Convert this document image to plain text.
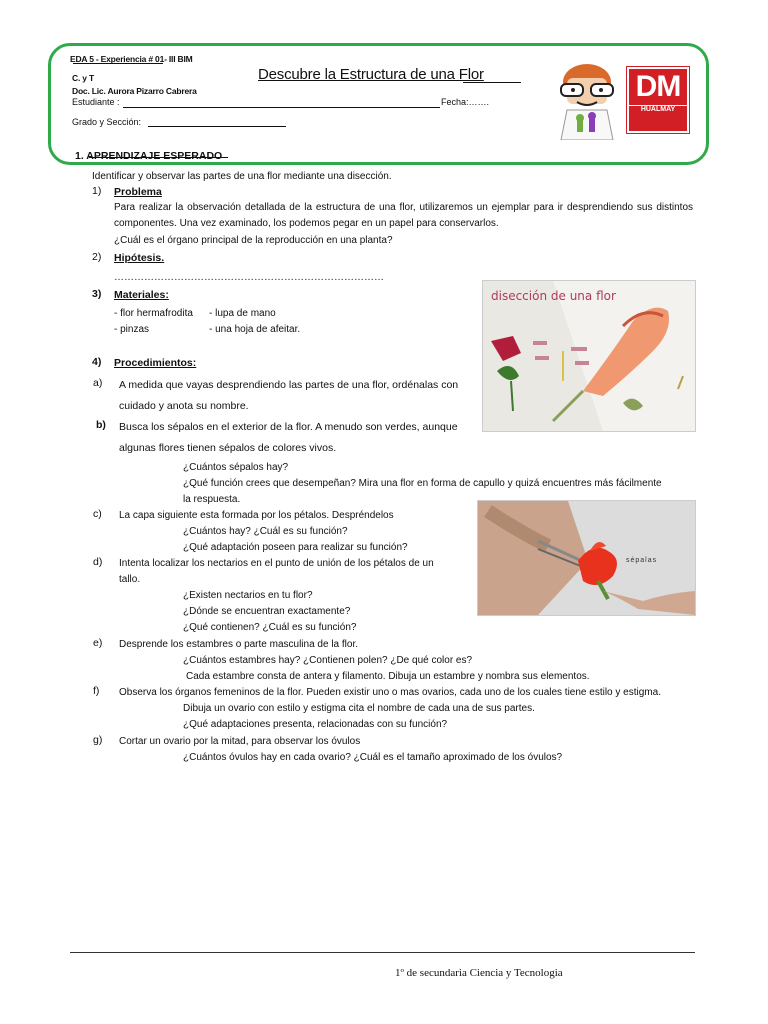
EDA 5 - Experiencia # 01- III BIM
C. y T
Doc. Lic. Aurora Pizarro Cabrera
Descubre la Estructura de una Flor
Estudiante :	Fecha:…….
Grado y Sección:
DM
HUALMAY
1. APRENDIZAJE ESPERADO
Identificar y observar las partes de una flor mediante una disección.
1) Problema
Para realizar la observación detallada de la estructura de una flor, utilizaremos un ejemplar para ir desprendiendo sus distintos componentes. Una vez examinado, los podemos pegar en un papel para conservarlos.
¿Cuál es el órgano principal de la reproducción en una planta?
2) Hipótesis.
………………………………………………………………………
3) Materiales:
- flor hermafrodita - lupa de mano
- pinzas	- una hoja de afeitar.
4) Procedimientos:
disección de una flor
a) A medida que vayas desprendiendo las partes de una flor, ordénalas con
cuidado y anota su nombre.
b) Busca los sépalos en el exterior de la flor. A menudo son verdes, aunque
algunas flores tienen sépalos de colores vivos.
¿Cuántos sépalos hay?
¿Qué función crees que desempeñan? Mira una flor en forma de capullo y quizá encuentres más fácilmente
la respuesta.
sépalas
c) La capa siguiente esta formada por los pétalos. Despréndelos
¿Cuántos hay? ¿Cuál es su función?
¿Qué adaptación poseen para realizar su función?
d) Intenta localizar los nectarios en el punto de unión de los pétalos de un
tallo.
¿Existen nectarios en tu flor?
¿Dónde se encuentran exactamente?
¿Qué contienen? ¿Cuál es su función?
e) Desprende los estambres o parte masculina de la flor.
¿Cuántos estambres hay? ¿Contienen polen? ¿De qué color es?
Cada estambre consta de antera y filamento. Dibuja un estambre y nombra sus elementos.
f) Observa los órganos femeninos de la flor. Pueden existir uno o mas ovarios, cada uno de los cuales tiene estilo y estigma.
Dibuja un ovario con estilo y estigma cita el nombre de cada una de sus partes.
¿Qué adaptaciones presenta, relacionadas con su función?
g) Cortar un ovario por la mitad, para observar los óvulos
¿Cuántos óvulos hay en cada ovario? ¿Cuál es el tamaño aproximado de los óvulos?
1º de secundaria Ciencia y Tecnologia
